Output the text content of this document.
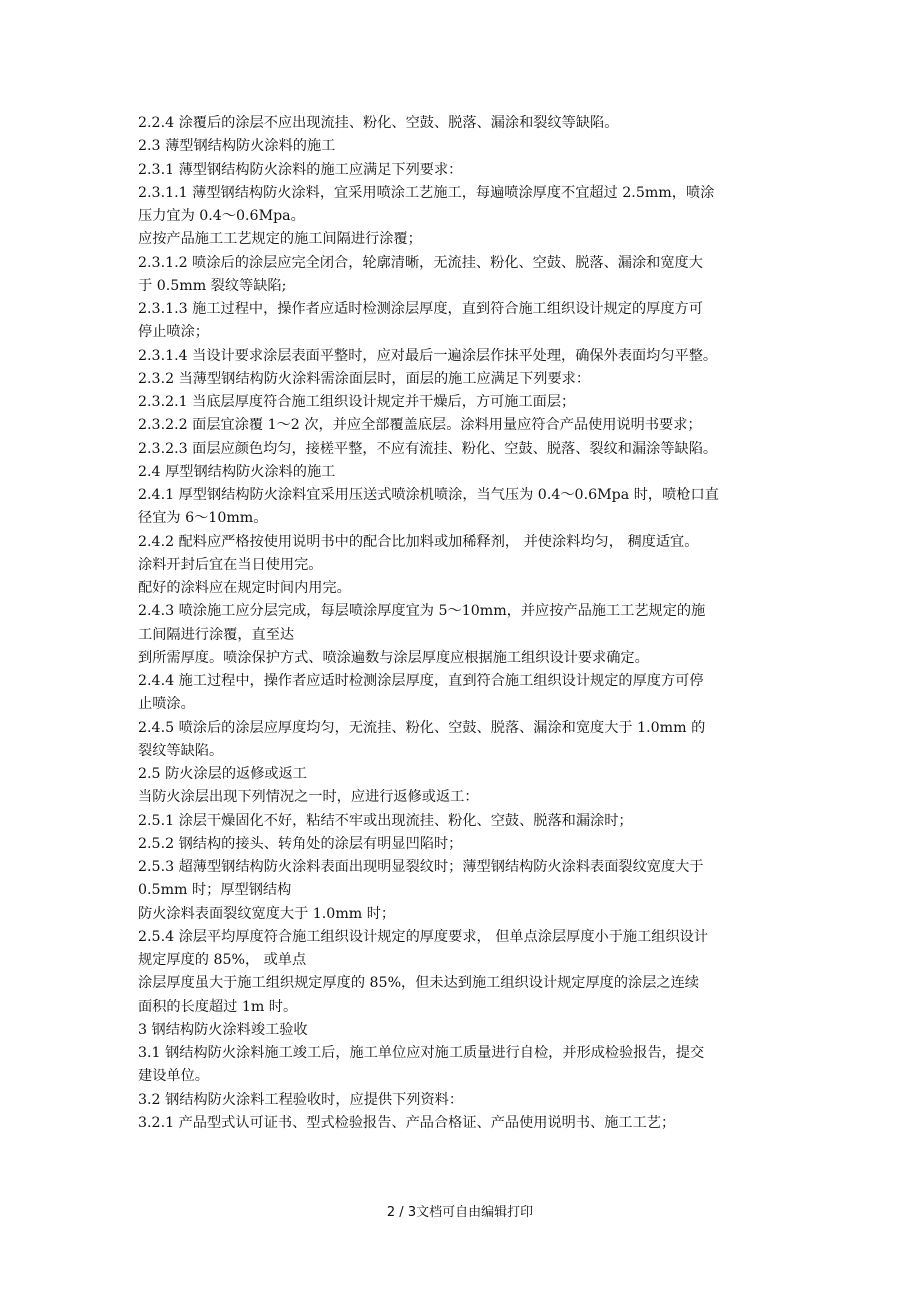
2.2.4 涂覆后的涂层不应出现流挂、粉化、空鼓、脱落、漏涂和裂纹等缺陷。
2.3 薄型钢结构防火涂料的施工
2.3.1 薄型钢结构防火涂料的施工应满足下列要求：
2.3.1.1 薄型钢结构防火涂料，宜采用喷涂工艺施工，每遍喷涂厚度不宜超过 2.5mm，喷涂
压力宜为 0.4～0.6Mpa。
应按产品施工工艺规定的施工间隔进行涂覆；
2.3.1.2 喷涂后的涂层应完全闭合，轮廓清晰，无流挂、粉化、空鼓、脱落、漏涂和宽度大
于 0.5mm 裂纹等缺陷;
2.3.1.3 施工过程中，操作者应适时检测涂层厚度，直到符合施工组织设计规定的厚度方可
停止喷涂；
2.3.1.4 当设计要求涂层表面平整时，应对最后一遍涂层作抹平处理，确保外表面均匀平整。
2.3.2 当薄型钢结构防火涂料需涂面层时，面层的施工应满足下列要求：
2.3.2.1 当底层厚度符合施工组织设计规定并干燥后，方可施工面层；
2.3.2.2 面层宜涂覆 1～2 次，并应全部覆盖底层。涂料用量应符合产品使用说明书要求；
2.3.2.3 面层应颜色均匀，接槎平整，不应有流挂、粉化、空鼓、脱落、裂纹和漏涂等缺陷。
2.4 厚型钢结构防火涂料的施工
2.4.1 厚型钢结构防火涂料宜采用压送式喷涂机喷涂，当气压为 0.4～0.6Mpa 时，喷枪口直
径宜为 6～10mm。
2.4.2 配料应严格按使用说明书中的配合比加料或加稀释剂， 并使涂料均匀， 稠度适宜。
涂料开封后宜在当日使用完。
配好的涂料应在规定时间内用完。
2.4.3 喷涂施工应分层完成，每层喷涂厚度宜为 5～10mm，并应按产品施工工艺规定的施
工间隔进行涂覆，直至达
到所需厚度。喷涂保护方式、喷涂遍数与涂层厚度应根据施工组织设计要求确定。
2.4.4 施工过程中，操作者应适时检测涂层厚度，直到符合施工组织设计规定的厚度方可停
止喷涂。
2.4.5 喷涂后的涂层应厚度均匀，无流挂、粉化、空鼓、脱落、漏涂和宽度大于 1.0mm 的
裂纹等缺陷。
2.5 防火涂层的返修或返工
当防火涂层出现下列情况之一时，应进行返修或返工：
2.5.1 涂层干燥固化不好，粘结不牢或出现流挂、粉化、空鼓、脱落和漏涂时；
2.5.2 钢结构的接头、转角处的涂层有明显凹陷时；
2.5.3 超薄型钢结构防火涂料表面出现明显裂纹时；薄型钢结构防火涂料表面裂纹宽度大于
0.5mm 时；厚型钢结构
防火涂料表面裂纹宽度大于 1.0mm 时；
2.5.4 涂层平均厚度符合施工组织设计规定的厚度要求， 但单点涂层厚度小于施工组织设计
规定厚度的 85%， 或单点
涂层厚度虽大于施工组织规定厚度的 85%，但未达到施工组织设计规定厚度的涂层之连续
面积的长度超过 1m 时。
3 钢结构防火涂料竣工验收
3.1 钢结构防火涂料施工竣工后，施工单位应对施工质量进行自检，并形成检验报告，提交
建设单位。
3.2 钢结构防火涂料工程验收时，应提供下列资料：
3.2.1 产品型式认可证书、型式检验报告、产品合格证、产品使用说明书、施工工艺；
2 / 3文档可自由编辑打印
